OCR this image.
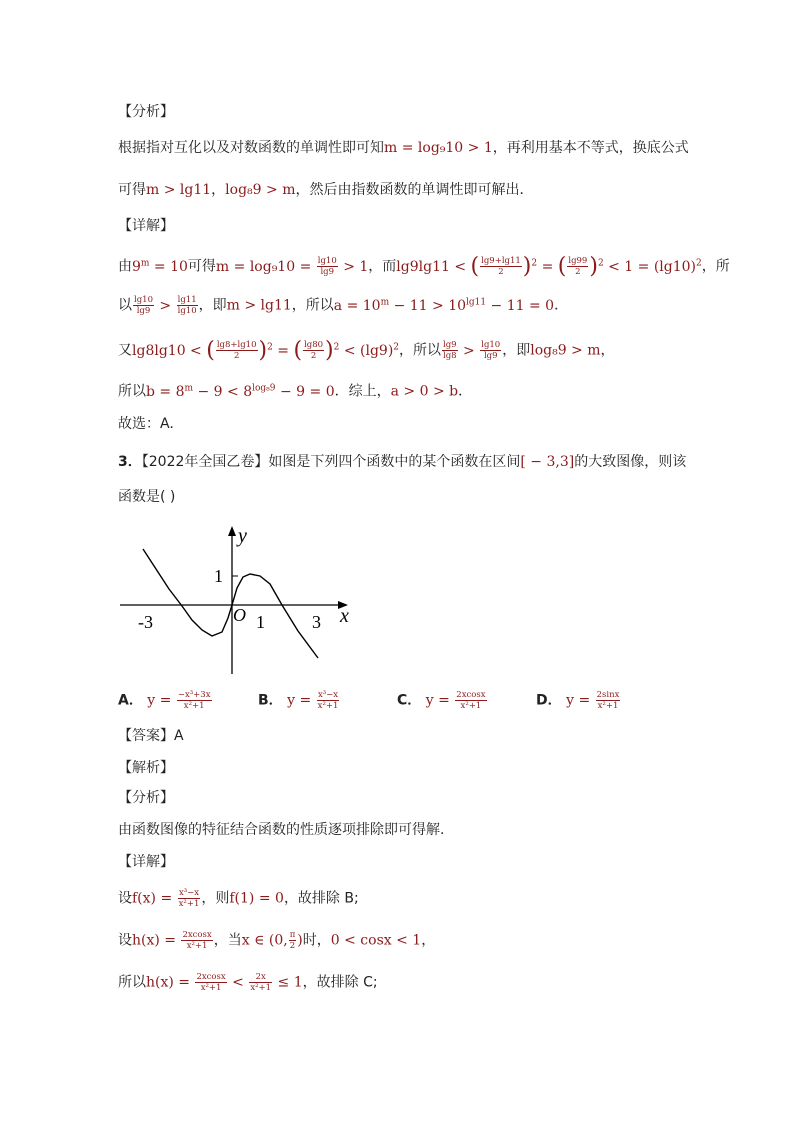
【分析】
根据指对互化以及对数函数的单调性即可知m = log₉10 > 1，再利用基本不等式，换底公式
可得m > lg11，log₈9 > m，然后由指数函数的单调性即可解出．
【详解】
由$9^m = 10$可得$m = \log_910 = \frac{\lg 10}{\lg 9} > 1$，而lg9lg11 < ( $\frac{\lg 9+\lg 11}{2} )^2$ = ( $\frac{\lg 99}{2} )^2 < 1 = (\lg 10)^2$，所
以 $\frac{\lg 10}{\lg 9} > \frac{\lg 11}{\lg 10}$ ，即m > lg11，所以$a = 10^m - 11 > 10^{lg11} - 11 = 0$．
又lg8lg10 < ( $\frac{\lg 8+\lg 10}{2} )^2$ = ( $\frac{\lg 80}{2} )^2 < (\lg 9)^2$，所以 $\frac{\lg 9}{\lg 8} > \frac{\lg 10}{\lg 9}$ ，即log₈9 > m，
所以$b = 8^m - 9 < 8^{log_89} - 9 = 0$．综上，a > 0 > b．
故选：A.
3．【2022年全国乙卷】如图是下列四个函数中的某个函数在区间[ − 3,3]的大致图像，则该
函数是( )
y
x
O
1
-3	1	3
A． $y = \frac{\text{−x³+3x}}{\text{x²+1}}$	B． $y = \frac{\text{x³−x}}{\text{x²+1}}$	C． $y = \frac{2xcosx}{\text{x²+1}}$	D． $y = \frac{2\sin x}{\text{x²+1}}$
【答案】A
【解析】
【分析】
由函数图像的特征结合函数的性质逐项排除即可得解.
【详解】
设$f(x) = \frac{\text{x³−x}}{\text{x²+1}}$ ，则f(1) = 0，故排除 B;
设$h(x) = \frac{2xcosx}{\text{x²+1}}$ ，当x ∈ (0, $\frac{\pi}{2}$ )时，0 < cosx < 1，
所以$h(x) = \frac{2xcosx}{\text{x²+1}} < \frac{2x}{\text{x²+1}} \le 1$，故排除 C;
